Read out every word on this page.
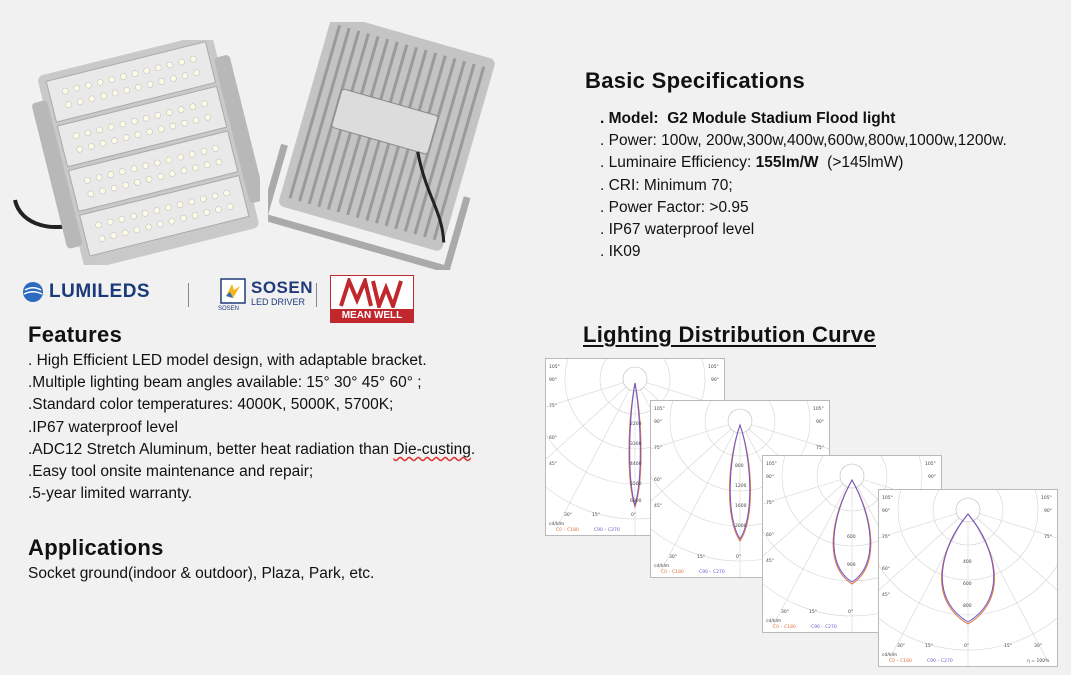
LUMILEDS	SOSEN
LED DRIVER
SOSEN
MEAN WELL
Basic Specifications
. Model: G2 Module Stadium Flood light
. Power: 100w, 200w,300w,400w,600w,800w,1000w,1200w.
. Luminaire Efficiency: 155lm/W (>145lmW)
. CRI: Minimum 70;
. Power Factor: >0.95
. IP67 waterproof level
. IK09
Features
. High Efficient LED model design, with adaptable bracket.
.Multiple lighting beam angles available: 15° 30° 45° 60° ;
.Standard color temperatures: 4000K, 5000K, 5700K;
.IP67 waterproof level
.ADC12 Stretch Aluminum, better heat radiation than Die-custing.
.Easy tool onsite maintenance and repair;
.5-year limited warranty.
Applications
Socket ground(indoor & outdoor), Plaza, Park, etc.
Lighting Distribution Curve
105°	105°
90°	90°
75°
60°
45°
30°	15°	0°
2200
3300
4400
5500
6000
cd/klm
C0 – C180	C90 – C270
105°	105°
90°	90°
75°	75°
60°
45°
30°	15°	0°
800
1200
1600
2000
cd/klm
C0 – C180	C90 – C270
105°	105°
90°	90°
75°
60°
45°
30°	15°	0°
600
900
cd/klm
C0 – C180	C90 – C270
105°	105°
90°	90°
75°	75°
60°
45°
30°	15°	0°	15°	30°
400
600
800
cd/klm
C0 – C180	C90 – C270	η = 100%
